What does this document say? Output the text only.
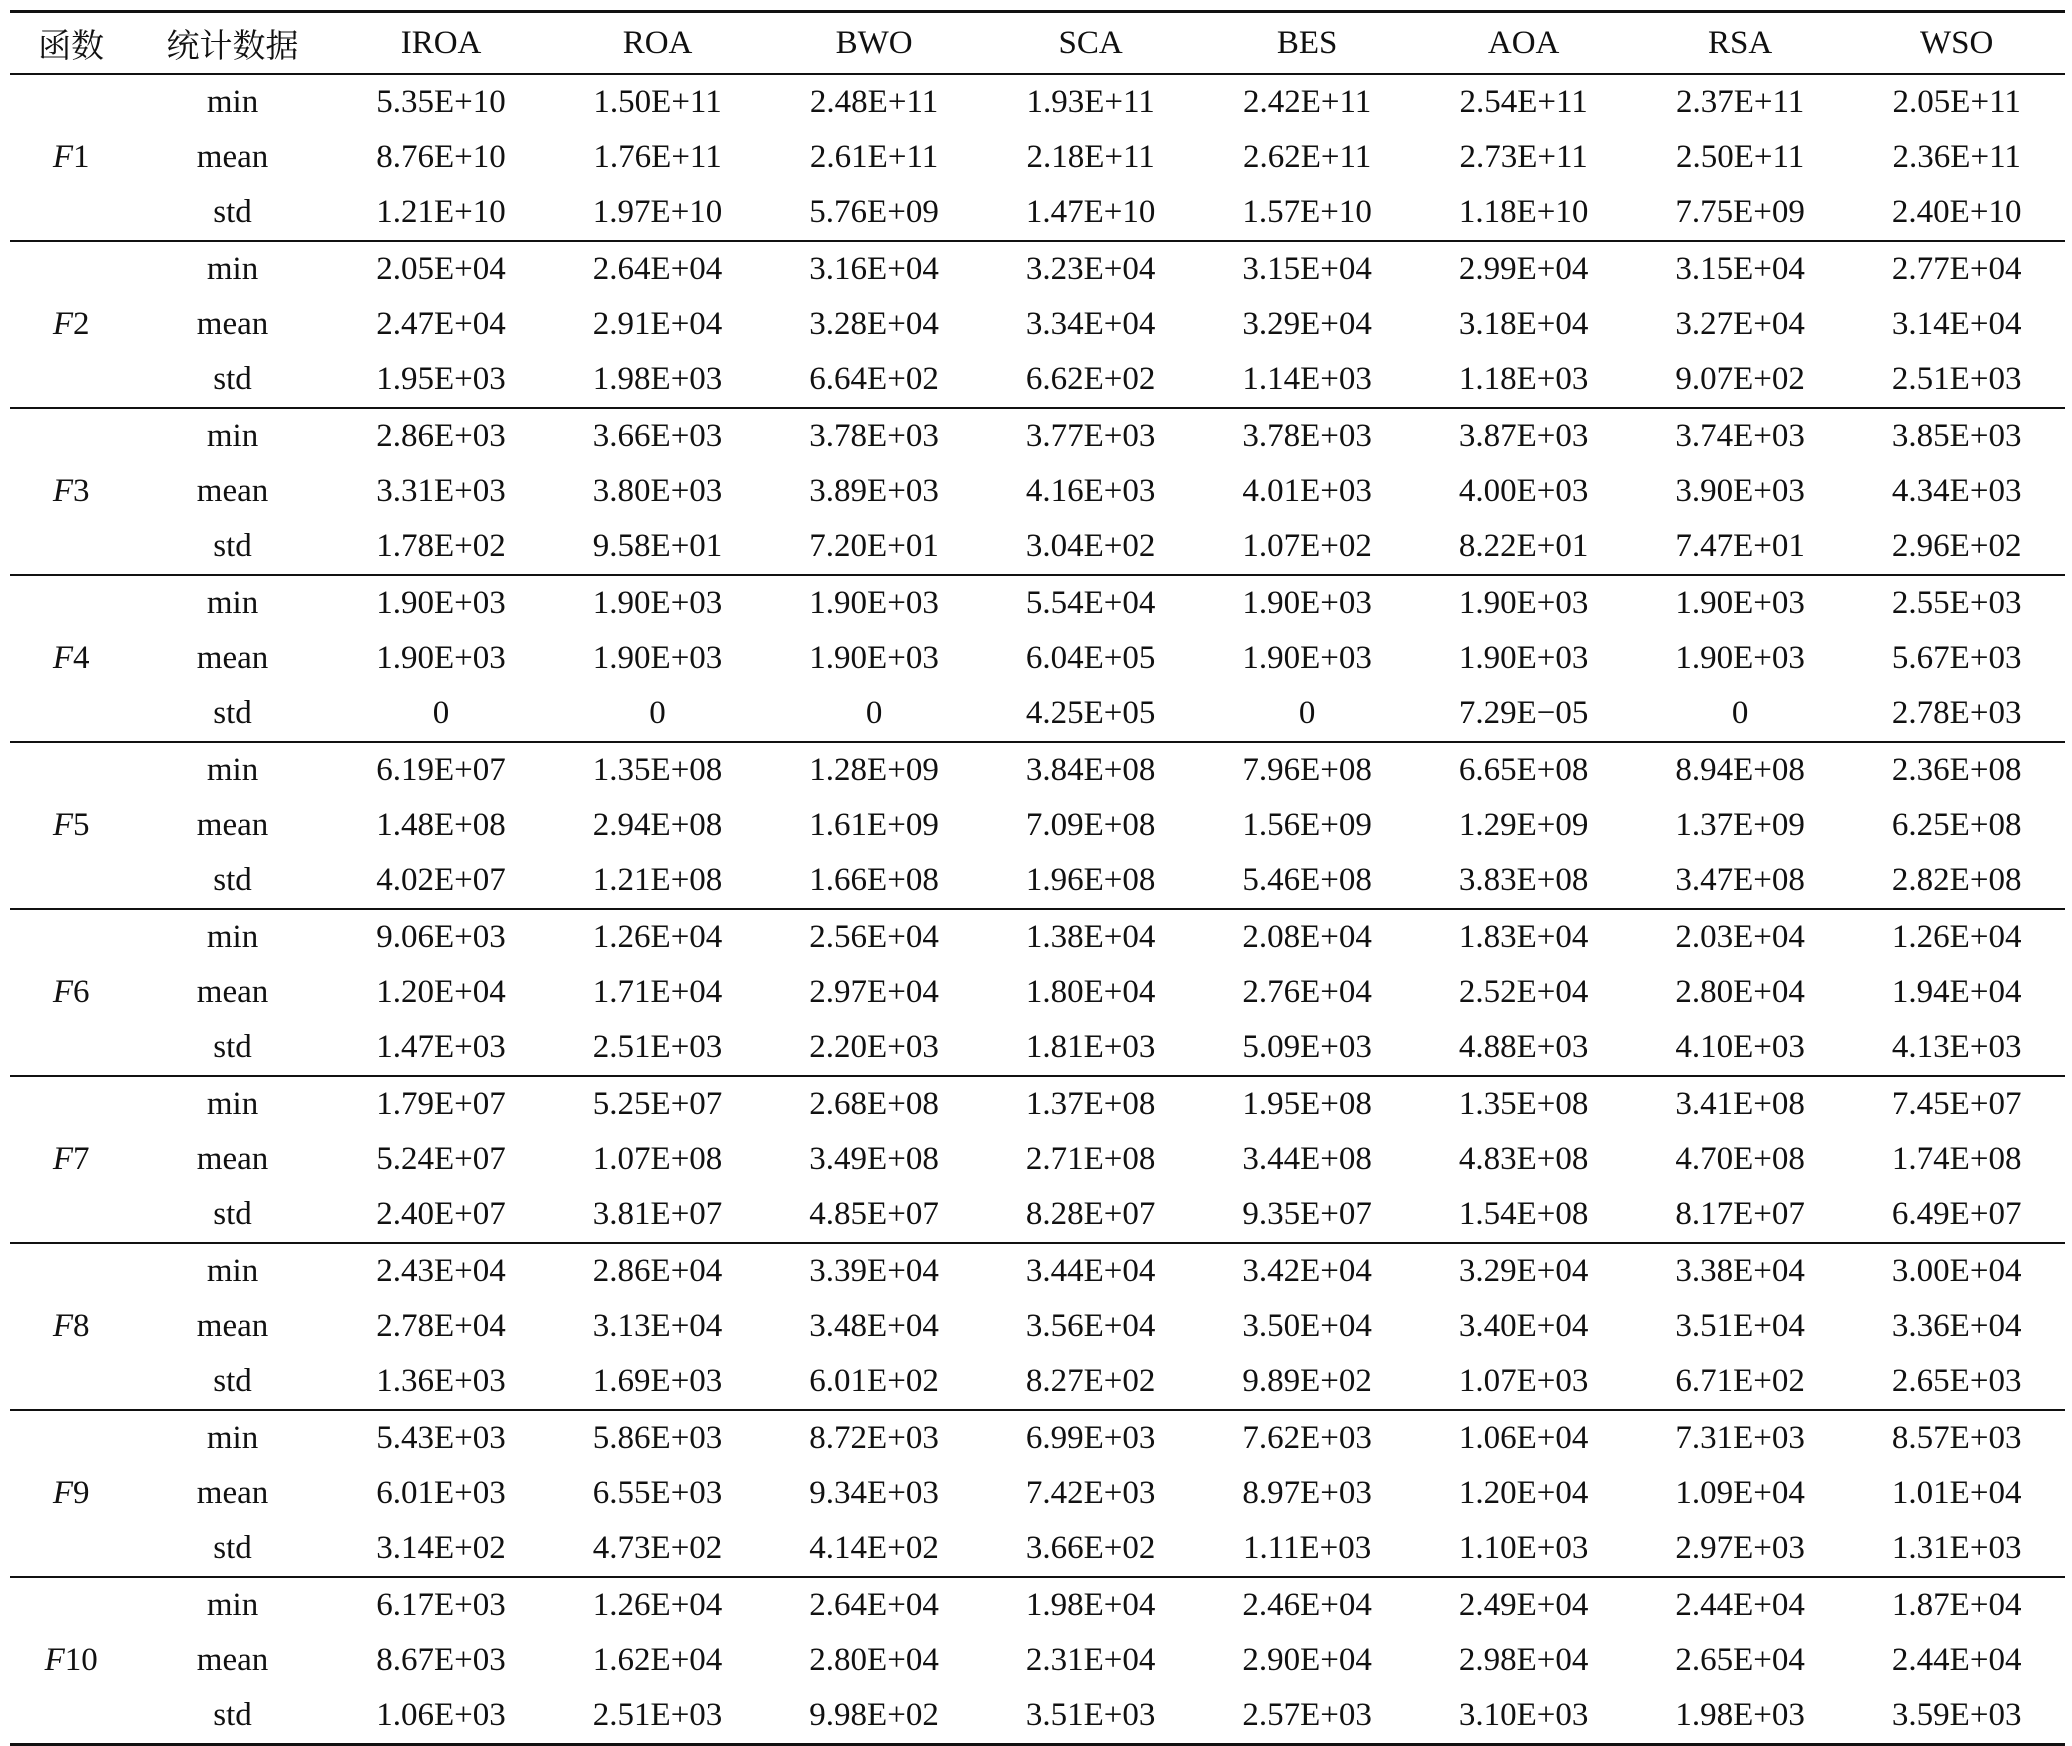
函数	统计数据	IROA	ROA	BWO	SCA	BES	AOA	RSA	WSO
F1	min	5.35E+10	1.50E+11	2.48E+11	1.93E+11	2.42E+11	2.54E+11	2.37E+11	2.05E+11
	mean	8.76E+10	1.76E+11	2.61E+11	2.18E+11	2.62E+11	2.73E+11	2.50E+11	2.36E+11
	std	1.21E+10	1.97E+10	5.76E+09	1.47E+10	1.57E+10	1.18E+10	7.75E+09	2.40E+10
F2	min	2.05E+04	2.64E+04	3.16E+04	3.23E+04	3.15E+04	2.99E+04	3.15E+04	2.77E+04
	mean	2.47E+04	2.91E+04	3.28E+04	3.34E+04	3.29E+04	3.18E+04	3.27E+04	3.14E+04
	std	1.95E+03	1.98E+03	6.64E+02	6.62E+02	1.14E+03	1.18E+03	9.07E+02	2.51E+03
F3	min	2.86E+03	3.66E+03	3.78E+03	3.77E+03	3.78E+03	3.87E+03	3.74E+03	3.85E+03
	mean	3.31E+03	3.80E+03	3.89E+03	4.16E+03	4.01E+03	4.00E+03	3.90E+03	4.34E+03
	std	1.78E+02	9.58E+01	7.20E+01	3.04E+02	1.07E+02	8.22E+01	7.47E+01	2.96E+02
F4	min	1.90E+03	1.90E+03	1.90E+03	5.54E+04	1.90E+03	1.90E+03	1.90E+03	2.55E+03
	mean	1.90E+03	1.90E+03	1.90E+03	6.04E+05	1.90E+03	1.90E+03	1.90E+03	5.67E+03
	std	0	0	0	4.25E+05	0	7.29E−05	0	2.78E+03
F5	min	6.19E+07	1.35E+08	1.28E+09	3.84E+08	7.96E+08	6.65E+08	8.94E+08	2.36E+08
	mean	1.48E+08	2.94E+08	1.61E+09	7.09E+08	1.56E+09	1.29E+09	1.37E+09	6.25E+08
	std	4.02E+07	1.21E+08	1.66E+08	1.96E+08	5.46E+08	3.83E+08	3.47E+08	2.82E+08
F6	min	9.06E+03	1.26E+04	2.56E+04	1.38E+04	2.08E+04	1.83E+04	2.03E+04	1.26E+04
	mean	1.20E+04	1.71E+04	2.97E+04	1.80E+04	2.76E+04	2.52E+04	2.80E+04	1.94E+04
	std	1.47E+03	2.51E+03	2.20E+03	1.81E+03	5.09E+03	4.88E+03	4.10E+03	4.13E+03
F7	min	1.79E+07	5.25E+07	2.68E+08	1.37E+08	1.95E+08	1.35E+08	3.41E+08	7.45E+07
	mean	5.24E+07	1.07E+08	3.49E+08	2.71E+08	3.44E+08	4.83E+08	4.70E+08	1.74E+08
	std	2.40E+07	3.81E+07	4.85E+07	8.28E+07	9.35E+07	1.54E+08	8.17E+07	6.49E+07
F8	min	2.43E+04	2.86E+04	3.39E+04	3.44E+04	3.42E+04	3.29E+04	3.38E+04	3.00E+04
	mean	2.78E+04	3.13E+04	3.48E+04	3.56E+04	3.50E+04	3.40E+04	3.51E+04	3.36E+04
	std	1.36E+03	1.69E+03	6.01E+02	8.27E+02	9.89E+02	1.07E+03	6.71E+02	2.65E+03
F9	min	5.43E+03	5.86E+03	8.72E+03	6.99E+03	7.62E+03	1.06E+04	7.31E+03	8.57E+03
	mean	6.01E+03	6.55E+03	9.34E+03	7.42E+03	8.97E+03	1.20E+04	1.09E+04	1.01E+04
	std	3.14E+02	4.73E+02	4.14E+02	3.66E+02	1.11E+03	1.10E+03	2.97E+03	1.31E+03
F10	min	6.17E+03	1.26E+04	2.64E+04	1.98E+04	2.46E+04	2.49E+04	2.44E+04	1.87E+04
	mean	8.67E+03	1.62E+04	2.80E+04	2.31E+04	2.90E+04	2.98E+04	2.65E+04	2.44E+04
	std	1.06E+03	2.51E+03	9.98E+02	3.51E+03	2.57E+03	3.10E+03	1.98E+03	3.59E+03
